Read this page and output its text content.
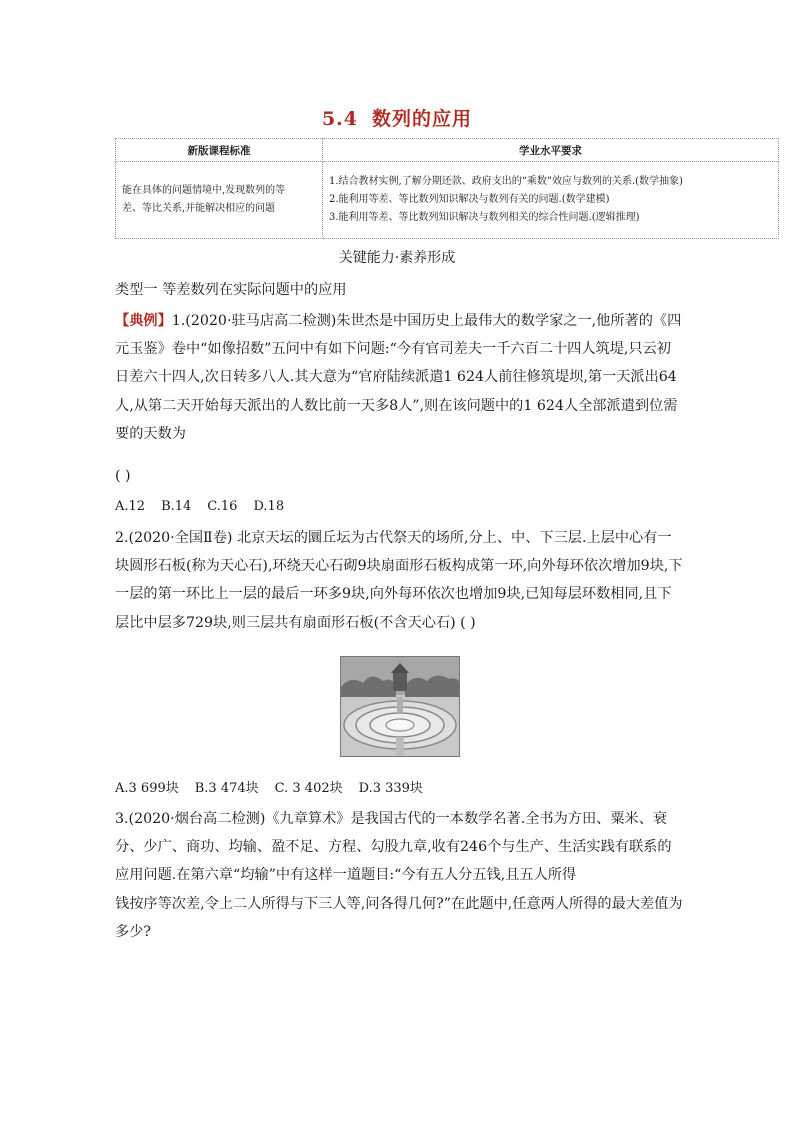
5.4 数列的应用
新版课程标准	学业水平要求

能在具体的问题情境中,发现数列的等
差、等比关系,并能解决相应的问题	1.结合教材实例,了解分期还款、政府支出的“乘数”效应与数列的关系.(数学抽象)
2.能利用等差、等比数列知识解决与数列有关的问题.(数学建模)
3.能利用等差、等比数列知识解决与数列相关的综合性问题.(逻辑推理)
关键能力·素养形成
类型一 等差数列在实际问题中的应用
【典例】1.(2020·驻马店高二检测)朱世杰是中国历史上最伟大的数学家之一,他所著的《四元玉鉴》卷中“如像招数”五问中有如下问题:“今有官司差夫一千六百二十四人筑堤,只云初日差六十四人,次日转多八人.其大意为“官府陆续派遣1 624人前往修筑堤坝,第一天派出64人,从第二天开始每天派出的人数比前一天多8人”,则在该问题中的1 624人全部派遣到位需要的天数为
( )
A.12 B.14 C.16 D.18
2.(2020·全国Ⅱ卷) 北京天坛的圜丘坛为古代祭天的场所,分上、中、下三层.上层中心有一块圆形石板(称为天心石),环绕天心石砌9块扇面形石板构成第一环,向外每环依次增加9块,下一层的第一环比上一层的最后一环多9块,向外每环依次也增加9块,已知每层环数相同,且下层比中层多729块,则三层共有扇面形石板(不含天心石) ( )
A.3 699块 B.3 474块 C. 3 402块 D.3 339块
3.(2020·烟台高二检测)《九章算术》是我国古代的一本数学名著.全书为方田、粟米、衰分、少广、商功、均输、盈不足、方程、勾股九章,收有246个与生产、生活实践有联系的应用问题.在第六章“均输”中有这样一道题目:“今有五人分五钱,且五人所得
钱按序等次差,令上二人所得与下三人等,问各得几何?”在此题中,任意两人所得的最大差值为多少?
